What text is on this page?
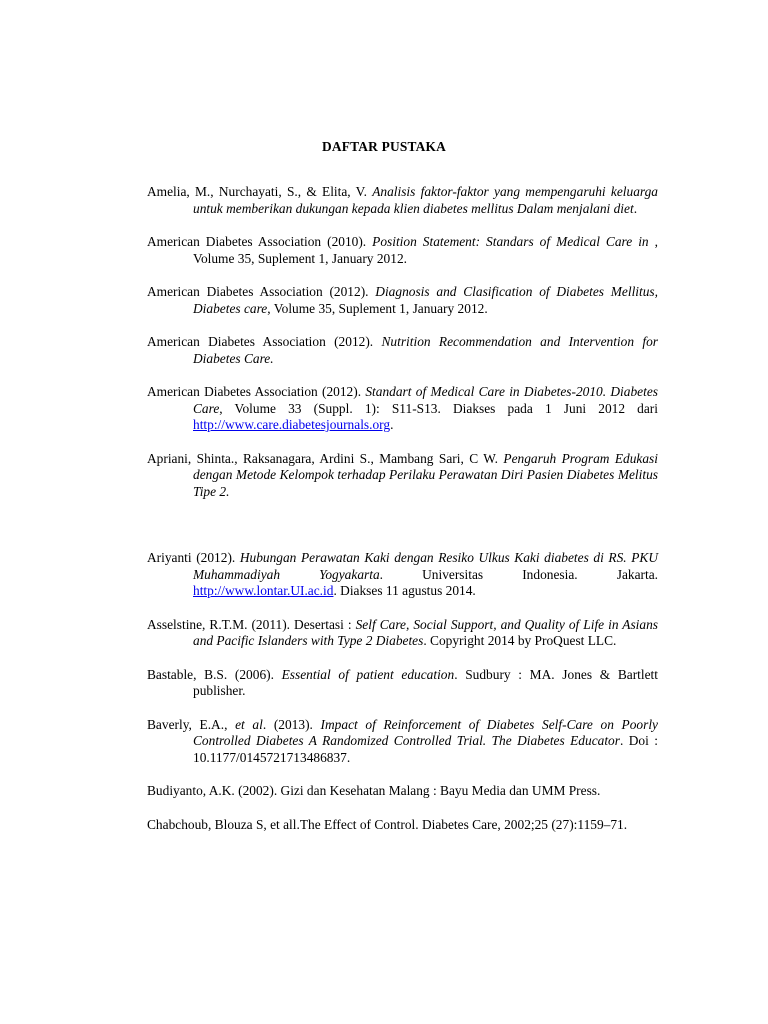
DAFTAR PUSTAKA
Amelia, M., Nurchayati, S., & Elita, V. Analisis faktor-faktor yang mempengaruhi keluarga untuk memberikan dukungan kepada klien diabetes mellitus Dalam menjalani diet.
American Diabetes Association (2010). Position Statement: Standars of Medical Care in , Volume 35, Suplement 1, January 2012.
American Diabetes Association (2012). Diagnosis and Clasification of Diabetes Mellitus, Diabetes care, Volume 35, Suplement 1, January 2012.
American Diabetes Association (2012). Nutrition Recommendation and Intervention for Diabetes Care.
American Diabetes Association (2012). Standart of Medical Care in Diabetes-2010. Diabetes Care, Volume 33 (Suppl. 1): S11-S13. Diakses pada 1 Juni 2012 dari http://www.care.diabetesjournals.org.
Apriani, Shinta., Raksanagara, Ardini S., Mambang Sari, C W. Pengaruh Program Edukasi dengan Metode Kelompok terhadap Perilaku Perawatan Diri Pasien Diabetes Melitus Tipe 2.
Ariyanti (2012). Hubungan Perawatan Kaki dengan Resiko Ulkus Kaki diabetes di RS. PKU Muhammadiyah Yogyakarta. Universitas Indonesia. Jakarta. http://www.lontar.UI.ac.id. Diakses 11 agustus 2014.
Asselstine, R.T.M. (2011). Desertasi : Self Care, Social Support, and Quality of Life in Asians and Pacific Islanders with Type 2 Diabetes. Copyright 2014 by ProQuest LLC.
Bastable, B.S. (2006). Essential of patient education. Sudbury : MA. Jones & Bartlett publisher.
Baverly, E.A., et al. (2013). Impact of Reinforcement of Diabetes Self-Care on Poorly Controlled Diabetes A Randomized Controlled Trial. The Diabetes Educator. Doi : 10.1177/0145721713486837.
Budiyanto, A.K. (2002). Gizi dan Kesehatan Malang : Bayu Media dan UMM Press.
Chabchoub, Blouza S, et all.The Effect of Control. Diabetes Care, 2002;25 (27):1159–71.
